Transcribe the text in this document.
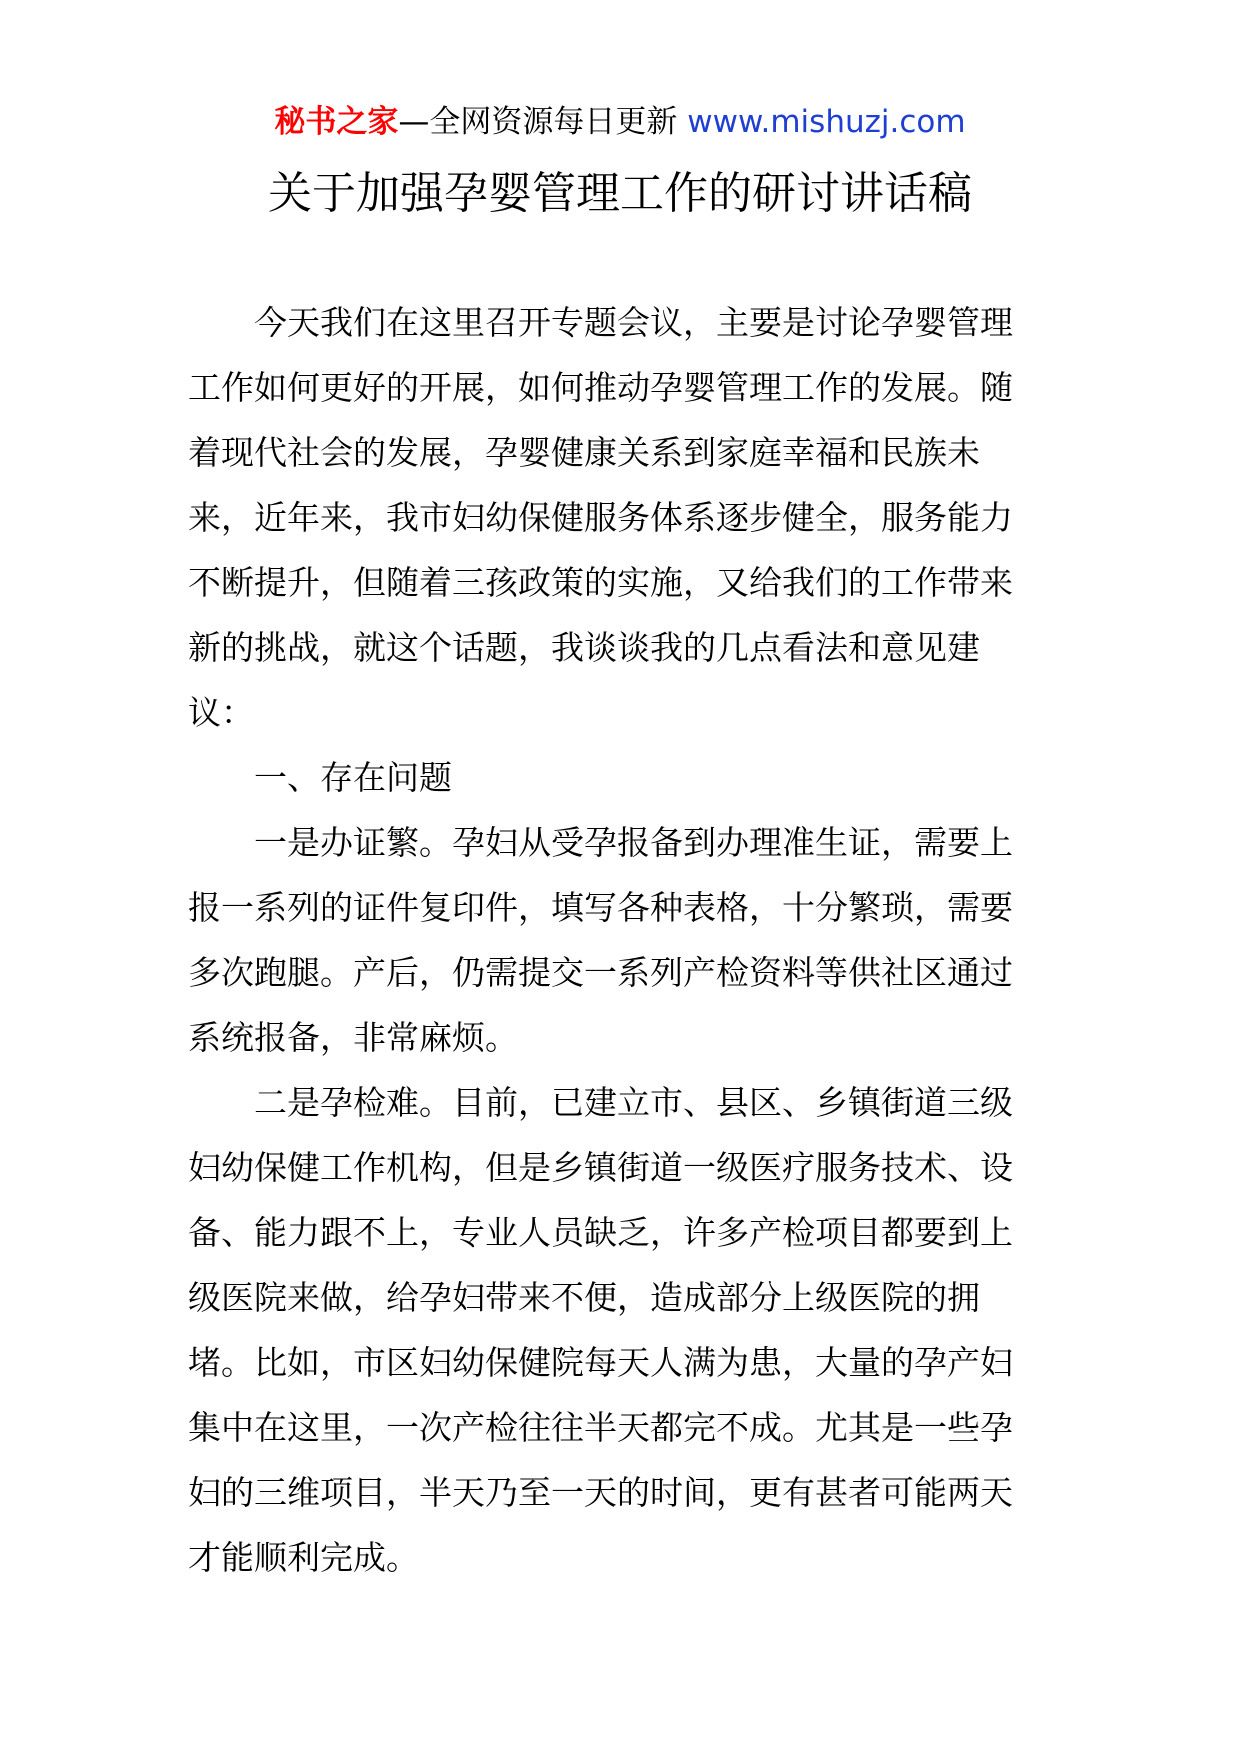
秘书之家—全网资源每日更新 www.mishuzj.com
关于加强孕婴管理工作的研讨讲话稿

今天我们在这里召开专题会议，主要是讨论孕婴管理
工作如何更好的开展，如何推动孕婴管理工作的发展。随
着现代社会的发展，孕婴健康关系到家庭幸福和民族未
来，近年来，我市妇幼保健服务体系逐步健全，服务能力
不断提升，但随着三孩政策的实施，又给我们的工作带来
新的挑战，就这个话题，我谈谈我的几点看法和意见建
议：

一、存在问题

一是办证繁。孕妇从受孕报备到办理准生证，需要上
报一系列的证件复印件，填写各种表格，十分繁琐，需要
多次跑腿。产后，仍需提交一系列产检资料等供社区通过
系统报备，非常麻烦。

二是孕检难。目前，已建立市、县区、乡镇街道三级
妇幼保健工作机构，但是乡镇街道一级医疗服务技术、设
备、能力跟不上，专业人员缺乏，许多产检项目都要到上
级医院来做，给孕妇带来不便，造成部分上级医院的拥
堵。比如，市区妇幼保健院每天人满为患，大量的孕产妇
集中在这里，一次产检往往半天都完不成。尤其是一些孕
妇的三维项目，半天乃至一天的时间，更有甚者可能两天
才能顺利完成。
